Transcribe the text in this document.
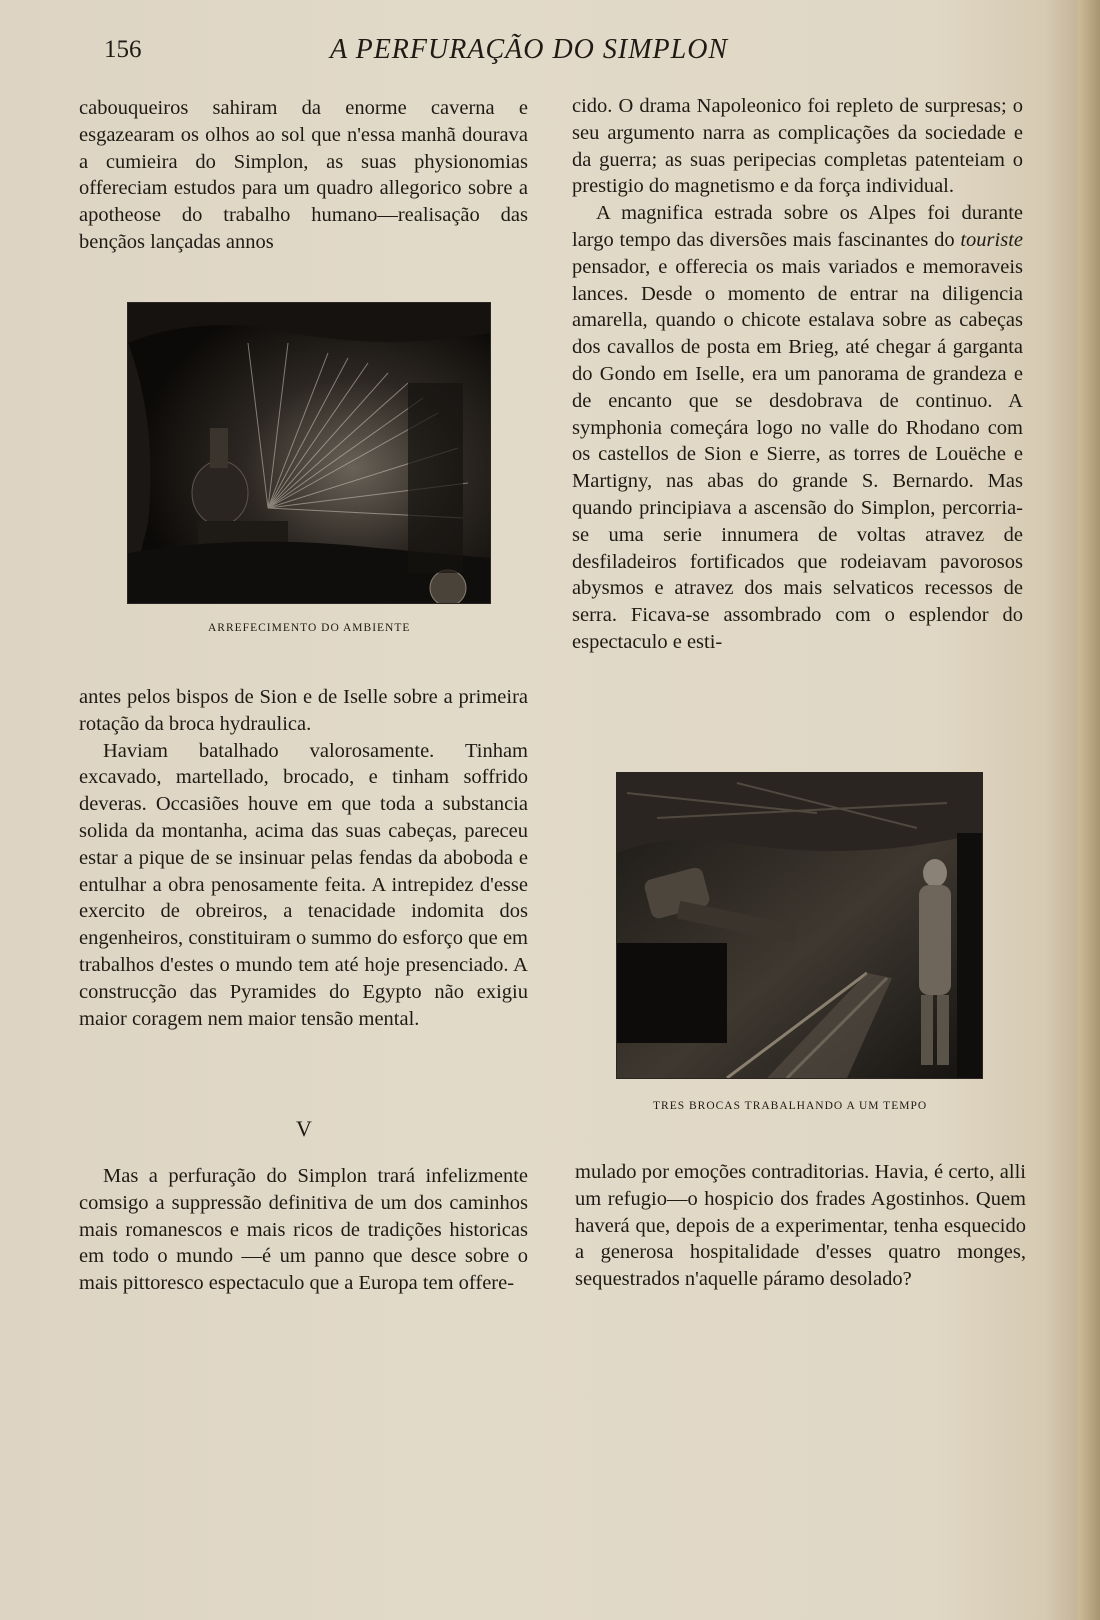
156	A PERFURAÇÃO DO SIMPLON

cabouqueiros sahiram da enorme caverna e esgazearam os olhos ao sol que n'essa manhã dourava a cumieira do Simplon, as suas physionomias offereciam estudos para um quadro allegorico sobre a apotheose do trabalho humano—realisação das bençãos lançadas annos

ARREFECIMENTO DO AMBIENTE

antes pelos bispos de Sion e de Iselle sobre a primeira rotação da broca hydraulica.

Haviam batalhado valorosamente. Tinham excavado, martellado, brocado, e tinham soffrido deveras. Occasiões houve em que toda a substancia solida da montanha, acima das suas cabeças, pareceu estar a pique de se insinuar pelas fendas da aboboda e entulhar a obra penosamente feita. A intrepidez d'esse exercito de obreiros, a tenacidade indomita dos engenheiros, constituiram o summo do esforço que em trabalhos d'estes o mundo tem até hoje presenciado. A construcção das Pyramides do Egypto não exigiu maior coragem nem maior tensão mental.

V

Mas a perfuração do Simplon trará infelizmente comsigo a suppressão definitiva de um dos caminhos mais romanescos e mais ricos de tradições historicas em todo o mundo —é um panno que desce sobre o mais pittoresco espectaculo que a Europa tem offere-

cido. O drama Napoleonico foi repleto de surpresas; o seu argumento narra as complicações da sociedade e da guerra; as suas peripecias completas patenteiam o prestigio do magnetismo e da força individual.

A magnifica estrada sobre os Alpes foi durante largo tempo das diversões mais fascinantes do touriste pensador, e offerecia os mais variados e memoraveis lances. Desde o momento de entrar na diligencia amarella, quando o chicote estalava sobre as cabeças dos cavallos de posta em Brieg, até chegar á garganta do Gondo em Iselle, era um panorama de grandeza e de encanto que se desdobrava de continuo. A symphonia começára logo no valle do Rhodano com os castellos de Sion e Sierre, as torres de Louëche e Martigny, nas abas do grande S. Bernardo. Mas quando principiava a ascensão do Simplon, percorria-se uma serie innumera de voltas atravez de desfiladeiros fortificados que rodeiavam pavorosos abysmos e atravez dos mais selvaticos recessos de serra. Ficava-se assombrado com o esplendor do espectaculo e esti-

TRES BROCAS TRABALHANDO A UM TEMPO

mulado por emoções contraditorias. Havia, é certo, alli um refugio—o hospicio dos frades Agostinhos. Quem haverá que, depois de a experimentar, tenha esquecido a generosa hospitalidade d'esses quatro monges, sequestrados n'aquelle páramo desolado?
